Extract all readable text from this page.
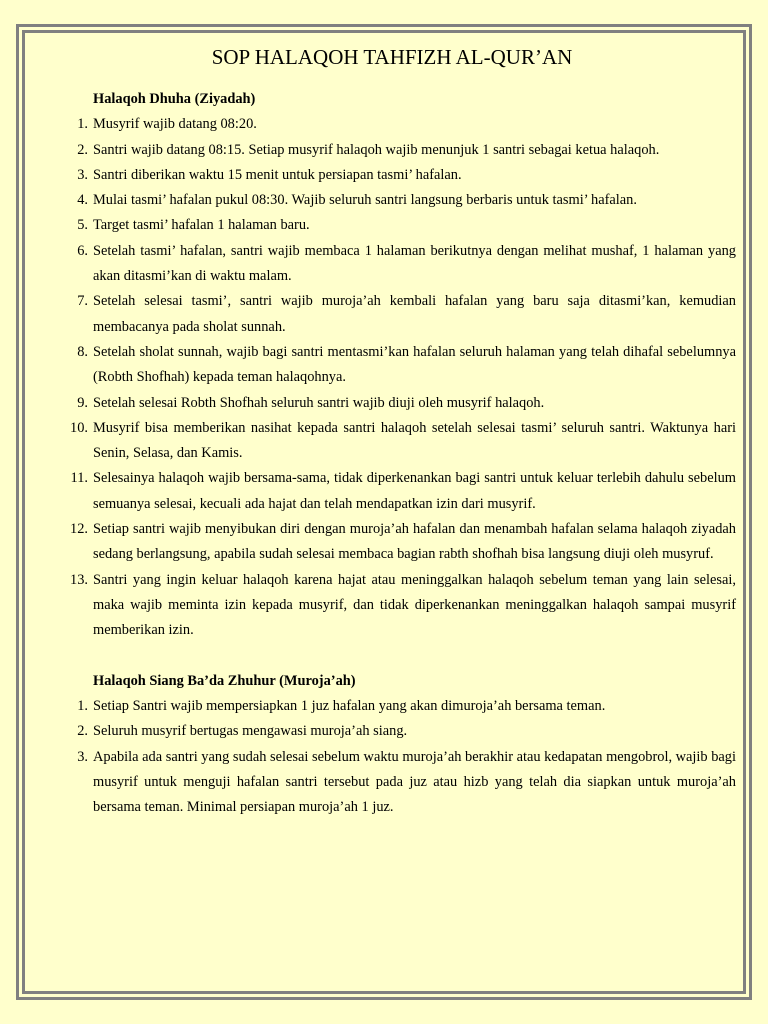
SOP HALAQOH TAHFIZH AL-QUR’AN

Halaqoh Dhuha (Ziyadah)

1. Musyrif wajib datang 08:20.
2. Santri wajib datang 08:15. Setiap musyrif halaqoh wajib menunjuk 1 santri sebagai ketua halaqoh.
3. Santri diberikan waktu 15 menit untuk persiapan tasmi’ hafalan.
4. Mulai tasmi’ hafalan pukul 08:30. Wajib seluruh santri langsung berbaris untuk tasmi’ hafalan.
5. Target tasmi’ hafalan 1 halaman baru.
6. Setelah tasmi’ hafalan, santri wajib membaca 1 halaman berikutnya dengan melihat mushaf, 1 halaman yang akan ditasmi’kan di waktu malam.
7. Setelah selesai tasmi’, santri wajib muroja’ah kembali hafalan yang baru saja ditasmi’kan, kemudian membacanya pada sholat sunnah.
8. Setelah sholat sunnah, wajib bagi santri mentasmi’kan hafalan seluruh halaman yang telah dihafal sebelumnya (Robth Shofhah) kepada teman halaqohnya.
9. Setelah selesai Robth Shofhah seluruh santri wajib diuji oleh musyrif halaqoh.
10. Musyrif bisa memberikan nasihat kepada santri halaqoh setelah selesai tasmi’ seluruh santri. Waktunya hari Senin, Selasa, dan Kamis.
11. Selesainya halaqoh wajib bersama-sama, tidak diperkenankan bagi santri untuk keluar terlebih dahulu sebelum semuanya selesai, kecuali ada hajat dan telah mendapatkan izin dari musyrif.
12. Setiap santri wajib menyibukan diri dengan muroja’ah hafalan dan menambah hafalan selama halaqoh ziyadah sedang berlangsung, apabila sudah selesai membaca bagian rabth shofhah bisa langsung diuji oleh musyruf.
13. Santri yang ingin keluar halaqoh karena hajat atau meninggalkan halaqoh sebelum teman yang lain selesai, maka wajib meminta izin kepada musyrif, dan tidak diperkenankan meninggalkan halaqoh sampai musyrif memberikan izin.

Halaqoh Siang Ba’da Zhuhur (Muroja’ah)

1. Setiap Santri wajib mempersiapkan 1 juz hafalan yang akan dimuroja’ah bersama teman.
2. Seluruh musyrif bertugas mengawasi muroja’ah siang.
3. Apabila ada santri yang sudah selesai sebelum waktu muroja’ah berakhir atau kedapatan mengobrol, wajib bagi musyrif untuk menguji hafalan santri tersebut pada juz atau hizb yang telah dia siapkan untuk muroja’ah bersama teman. Minimal persiapan muroja’ah 1 juz.
